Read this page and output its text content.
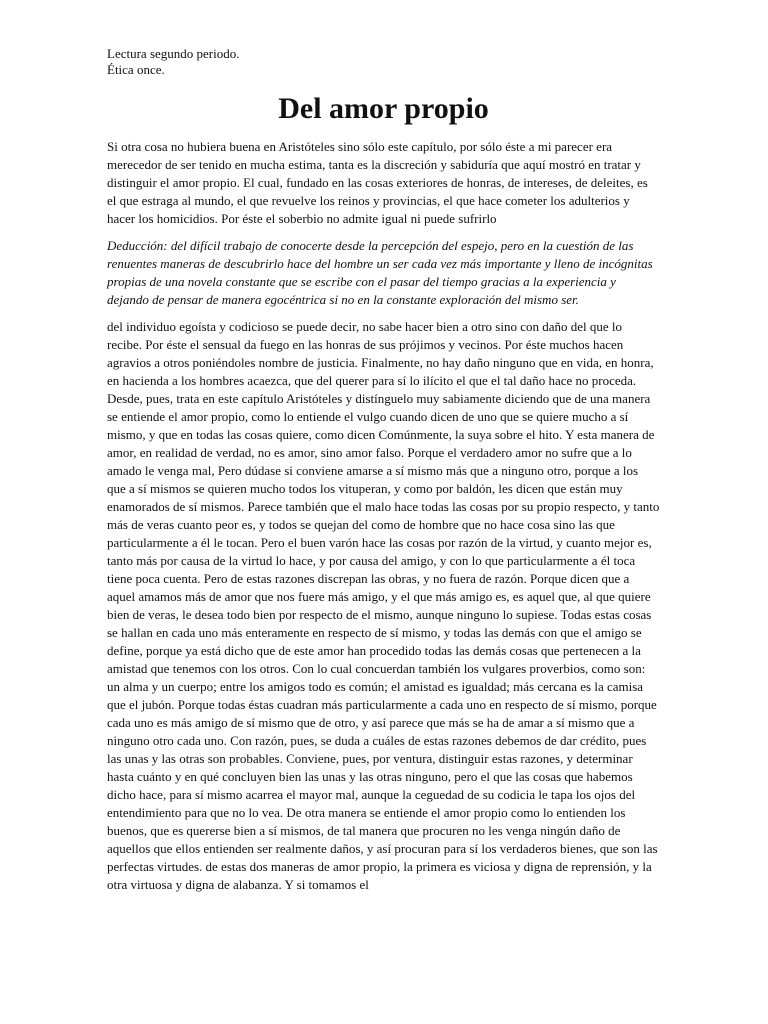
Lectura segundo periodo.

Ética once.

Del amor propio

Si otra cosa no hubiera buena en Aristóteles sino sólo este capítulo, por sólo éste a mi parecer era merecedor de ser tenido en mucha estima, tanta es la discreción y sabiduría que aquí mostró en tratar y distinguir el amor propio. El cual, fundado en las cosas exteriores de honras, de intereses, de deleites, es el que estraga al mundo, el que revuelve los reinos y provincias, el que hace cometer los adulterios y hacer los homicidios. Por éste el soberbio no admite igual ni puede sufrirlo

Deducción: del difícil trabajo de conocerte desde la percepción del espejo, pero en la cuestión de las renuentes maneras de descubrirlo hace del hombre un ser cada vez más importante y lleno de incógnitas propias de una novela constante que se escribe con el pasar del tiempo gracias a la experiencia y dejando de pensar de manera egocéntrica si no en la constante exploración del mismo ser.

del individuo egoísta y codicioso se puede decir, no sabe hacer bien a otro sino con daño del que lo recibe. Por éste el sensual da fuego en las honras de sus prójimos y vecinos. Por éste muchos hacen agravios a otros poniéndoles nombre de justicia. Finalmente, no hay daño ninguno que en vida, en honra, en hacienda a los hombres acaezca, que del querer para sí lo ilícito el que el tal daño hace no proceda. Desde, pues, trata en este capítulo Aristóteles y distínguelo muy sabiamente diciendo que de una manera se entiende el amor propio, como lo entiende el vulgo cuando dicen de uno que se quiere mucho a sí mismo, y que en todas las cosas quiere, como dicen Comúnmente, la suya sobre el hito. Y esta manera de amor, en realidad de verdad, no es amor, sino amor falso. Porque el verdadero amor no sufre que a lo amado le venga mal, Pero dúdase si conviene amarse a sí mismo más que a ninguno otro, porque a los que a sí mismos se quieren mucho todos los vituperan, y como por baldón, les dicen que están muy enamorados de sí mismos. Parece también que el malo hace todas las cosas por su propio respecto, y tanto más de veras cuanto peor es, y todos se quejan del como de hombre que no hace cosa sino las que particularmente a él le tocan. Pero el buen varón hace las cosas por razón de la virtud, y cuanto mejor es, tanto más por causa de la virtud lo hace, y por causa del amigo, y con lo que particularmente a él toca tiene poca cuenta. Pero de estas razones discrepan las obras, y no fuera de razón. Porque dicen que a aquel amamos más de amor que nos fuere más amigo, y el que más amigo es, es aquel que, al que quiere bien de veras, le desea todo bien por respecto de el mismo, aunque ninguno lo supiese. Todas estas cosas se hallan en cada uno más enteramente en respecto de sí mismo, y todas las demás con que el amigo se define, porque ya está dicho que de este amor han procedido todas las demás cosas que pertenecen a la amistad que tenemos con los otros. Con lo cual concuerdan también los vulgares proverbios, como son: un alma y un cuerpo; entre los amigos todo es común; el amistad es igualdad; más cercana es la camisa que el jubón. Porque todas éstas cuadran más particularmente a cada uno en respecto de sí mismo, porque cada uno es más amigo de sí mismo que de otro, y así parece que más se ha de amar a sí mismo que a ninguno otro cada uno. Con razón, pues, se duda a cuáles de estas razones debemos de dar crédito, pues las unas y las otras son probables. Conviene, pues, por ventura, distinguir estas razones, y determinar hasta cuánto y en qué concluyen bien las unas y las otras ninguno, pero el que las cosas que habemos dicho hace, para sí mismo acarrea el mayor mal, aunque la ceguedad de su codicia le tapa los ojos del entendimiento para que no lo vea. De otra manera se entiende el amor propio como lo entienden los buenos, que es quererse bien a sí mismos, de tal manera que procuren no les venga ningún daño de aquellos que ellos entienden ser realmente daños, y así procuran para sí los verdaderos bienes, que son las perfectas virtudes. de estas dos maneras de amor propio, la primera es viciosa y digna de reprensión, y la otra virtuosa y digna de alabanza. Y si tomamos el
